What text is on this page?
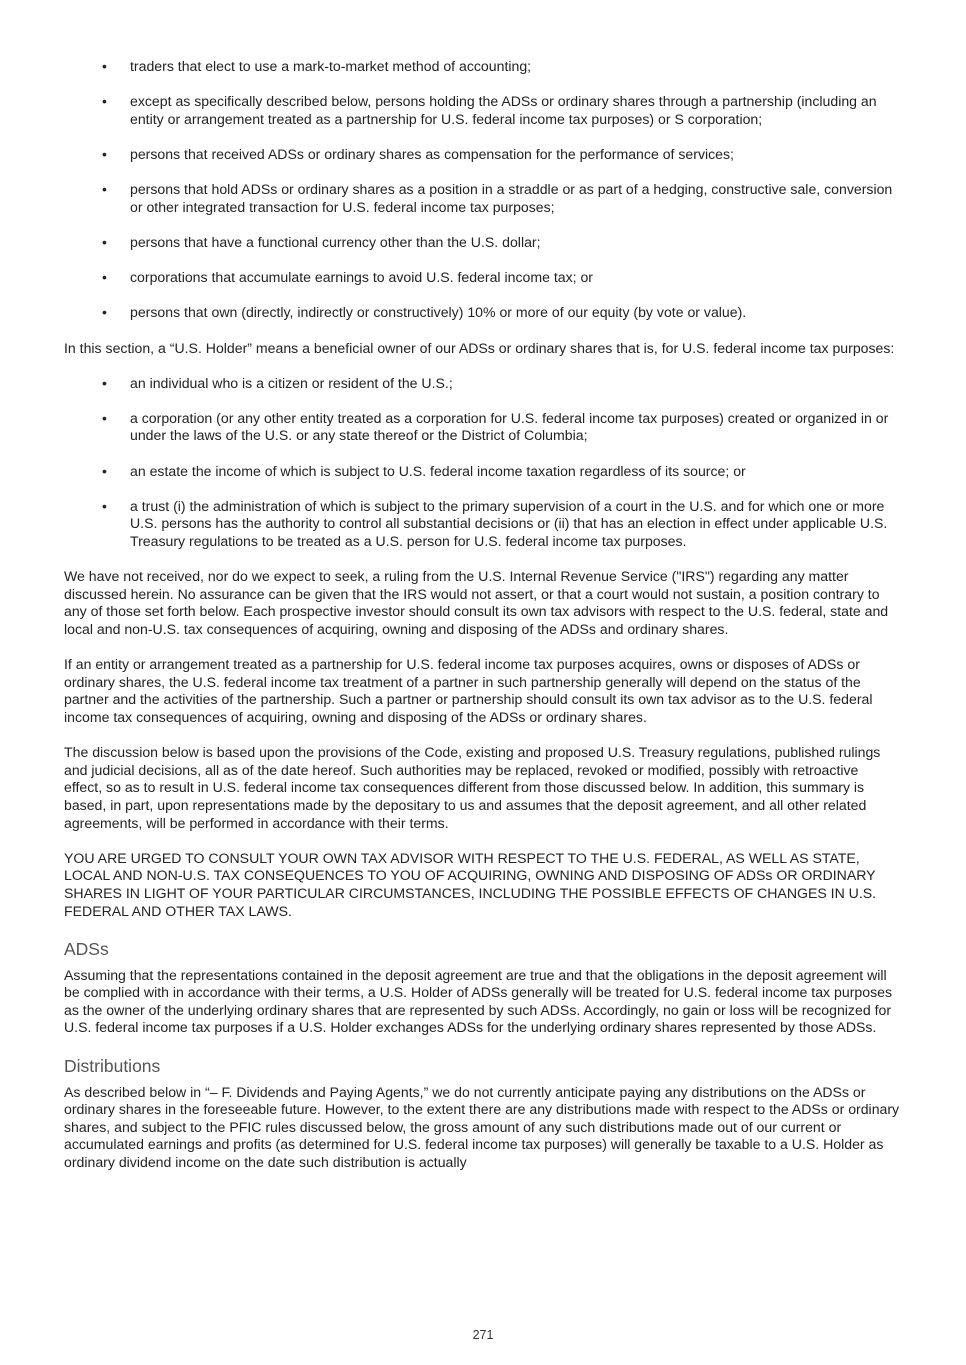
• traders that elect to use a mark-to-market method of accounting;
• except as specifically described below, persons holding the ADSs or ordinary shares through a partnership (including an entity or arrangement treated as a partnership for U.S. federal income tax purposes) or S corporation;
• persons that received ADSs or ordinary shares as compensation for the performance of services;
• persons that hold ADSs or ordinary shares as a position in a straddle or as part of a hedging, constructive sale, conversion or other integrated transaction for U.S. federal income tax purposes;
• persons that have a functional currency other than the U.S. dollar;
• corporations that accumulate earnings to avoid U.S. federal income tax; or
• persons that own (directly, indirectly or constructively) 10% or more of our equity (by vote or value).

In this section, a “U.S. Holder” means a beneficial owner of our ADSs or ordinary shares that is, for U.S. federal income tax purposes:

• an individual who is a citizen or resident of the U.S.;
• a corporation (or any other entity treated as a corporation for U.S. federal income tax purposes) created or organized in or under the laws of the U.S. or any state thereof or the District of Columbia;
• an estate the income of which is subject to U.S. federal income taxation regardless of its source; or
• a trust (i) the administration of which is subject to the primary supervision of a court in the U.S. and for which one or more U.S. persons has the authority to control all substantial decisions or (ii) that has an election in effect under applicable U.S. Treasury regulations to be treated as a U.S. person for U.S. federal income tax purposes.

We have not received, nor do we expect to seek, a ruling from the U.S. Internal Revenue Service ("IRS") regarding any matter discussed herein. No assurance can be given that the IRS would not assert, or that a court would not sustain, a position contrary to any of those set forth below. Each prospective investor should consult its own tax advisors with respect to the U.S. federal, state and local and non-U.S. tax consequences of acquiring, owning and disposing of the ADSs and ordinary shares.

If an entity or arrangement treated as a partnership for U.S. federal income tax purposes acquires, owns or disposes of ADSs or ordinary shares, the U.S. federal income tax treatment of a partner in such partnership generally will depend on the status of the partner and the activities of the partnership. Such a partner or partnership should consult its own tax advisor as to the U.S. federal income tax consequences of acquiring, owning and disposing of the ADSs or ordinary shares.

The discussion below is based upon the provisions of the Code, existing and proposed U.S. Treasury regulations, published rulings and judicial decisions, all as of the date hereof. Such authorities may be replaced, revoked or modified, possibly with retroactive effect, so as to result in U.S. federal income tax consequences different from those discussed below. In addition, this summary is based, in part, upon representations made by the depositary to us and assumes that the deposit agreement, and all other related agreements, will be performed in accordance with their terms.

YOU ARE URGED TO CONSULT YOUR OWN TAX ADVISOR WITH RESPECT TO THE U.S. FEDERAL, AS WELL AS STATE, LOCAL AND NON-U.S. TAX CONSEQUENCES TO YOU OF ACQUIRING, OWNING AND DISPOSING OF ADSs OR ORDINARY SHARES IN LIGHT OF YOUR PARTICULAR CIRCUMSTANCES, INCLUDING THE POSSIBLE EFFECTS OF CHANGES IN U.S. FEDERAL AND OTHER TAX LAWS.

ADSs

Assuming that the representations contained in the deposit agreement are true and that the obligations in the deposit agreement will be complied with in accordance with their terms, a U.S. Holder of ADSs generally will be treated for U.S. federal income tax purposes as the owner of the underlying ordinary shares that are represented by such ADSs. Accordingly, no gain or loss will be recognized for U.S. federal income tax purposes if a U.S. Holder exchanges ADSs for the underlying ordinary shares represented by those ADSs.

Distributions

As described below in “– F. Dividends and Paying Agents,” we do not currently anticipate paying any distributions on the ADSs or ordinary shares in the foreseeable future. However, to the extent there are any distributions made with respect to the ADSs or ordinary shares, and subject to the PFIC rules discussed below, the gross amount of any such distributions made out of our current or accumulated earnings and profits (as determined for U.S. federal income tax purposes) will generally be taxable to a U.S. Holder as ordinary dividend income on the date such distribution is actually

271
